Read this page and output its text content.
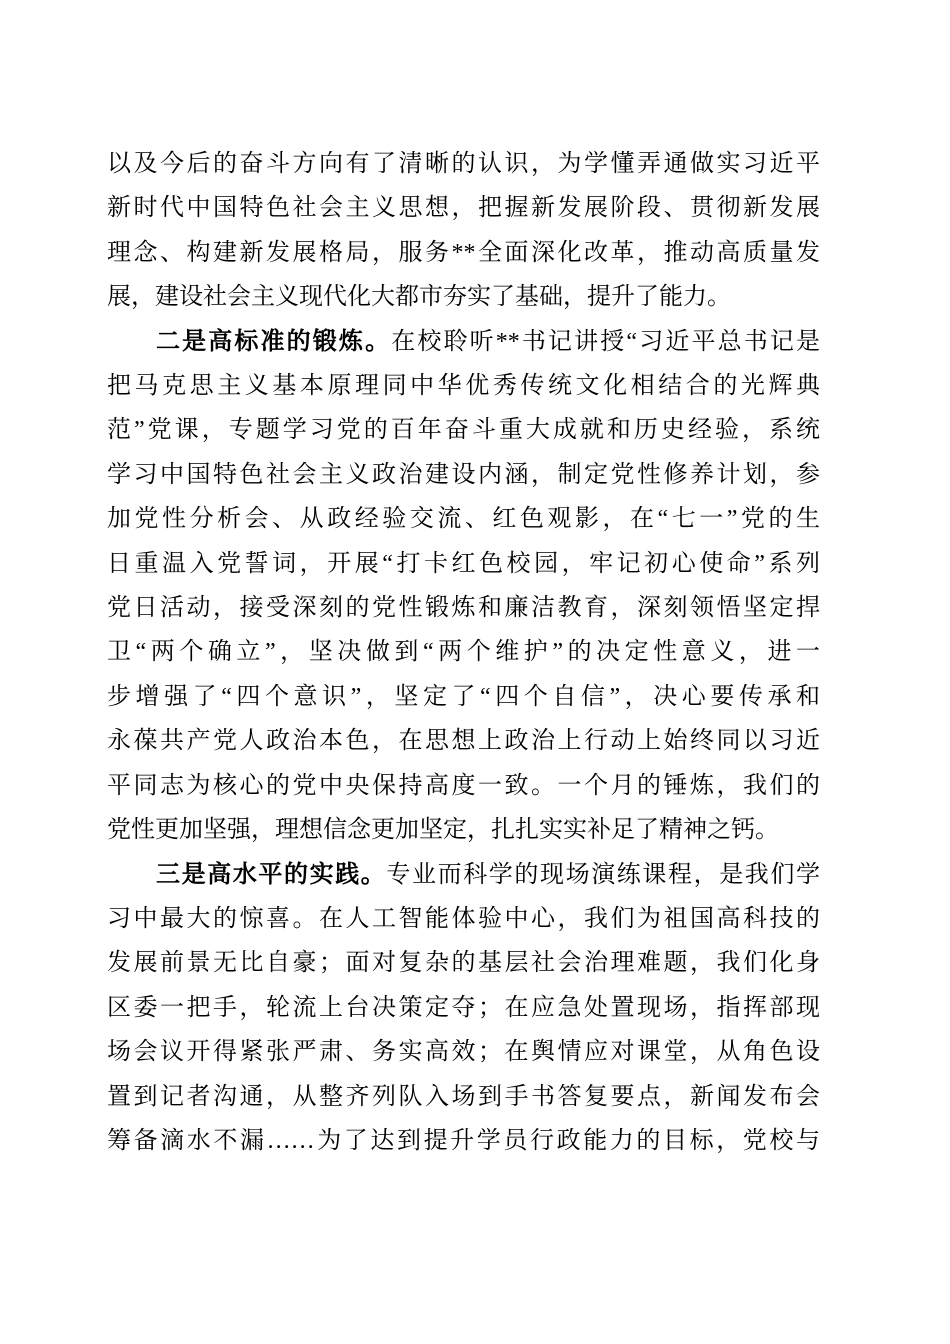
以及今后的奋斗方向有了清晰的认识，为学懂弄通做实习近平
新时代中国特色社会主义思想，把握新发展阶段、贯彻新发展
理念、构建新发展格局，服务**全面深化改革，推动高质量发
展，建设社会主义现代化大都市夯实了基础，提升了能力。
二是高标准的锻炼。在校聆听**书记讲授“习近平总书记是
把马克思主义基本原理同中华优秀传统文化相结合的光辉典
范”党课，专题学习党的百年奋斗重大成就和历史经验，系统
学习中国特色社会主义政治建设内涵，制定党性修养计划，参
加党性分析会、从政经验交流、红色观影，在“七一”党的生
日重温入党誓词，开展“打卡红色校园，牢记初心使命”系列
党日活动，接受深刻的党性锻炼和廉洁教育，深刻领悟坚定捍
卫“两个确立”，坚决做到“两个维护”的决定性意义，进一
步增强了“四个意识”，坚定了“四个自信”，决心要传承和
永葆共产党人政治本色，在思想上政治上行动上始终同以习近
平同志为核心的党中央保持高度一致。一个月的锤炼，我们的
党性更加坚强，理想信念更加坚定，扎扎实实补足了精神之钙。
三是高水平的实践。专业而科学的现场演练课程，是我们学
习中最大的惊喜。在人工智能体验中心，我们为祖国高科技的
发展前景无比自豪；面对复杂的基层社会治理难题，我们化身
区委一把手，轮流上台决策定夺；在应急处置现场，指挥部现
场会议开得紧张严肃、务实高效；在舆情应对课堂，从角色设
置到记者沟通，从整齐列队入场到手书答复要点，新闻发布会
筹备滴水不漏……为了达到提升学员行政能力的目标，党校与
